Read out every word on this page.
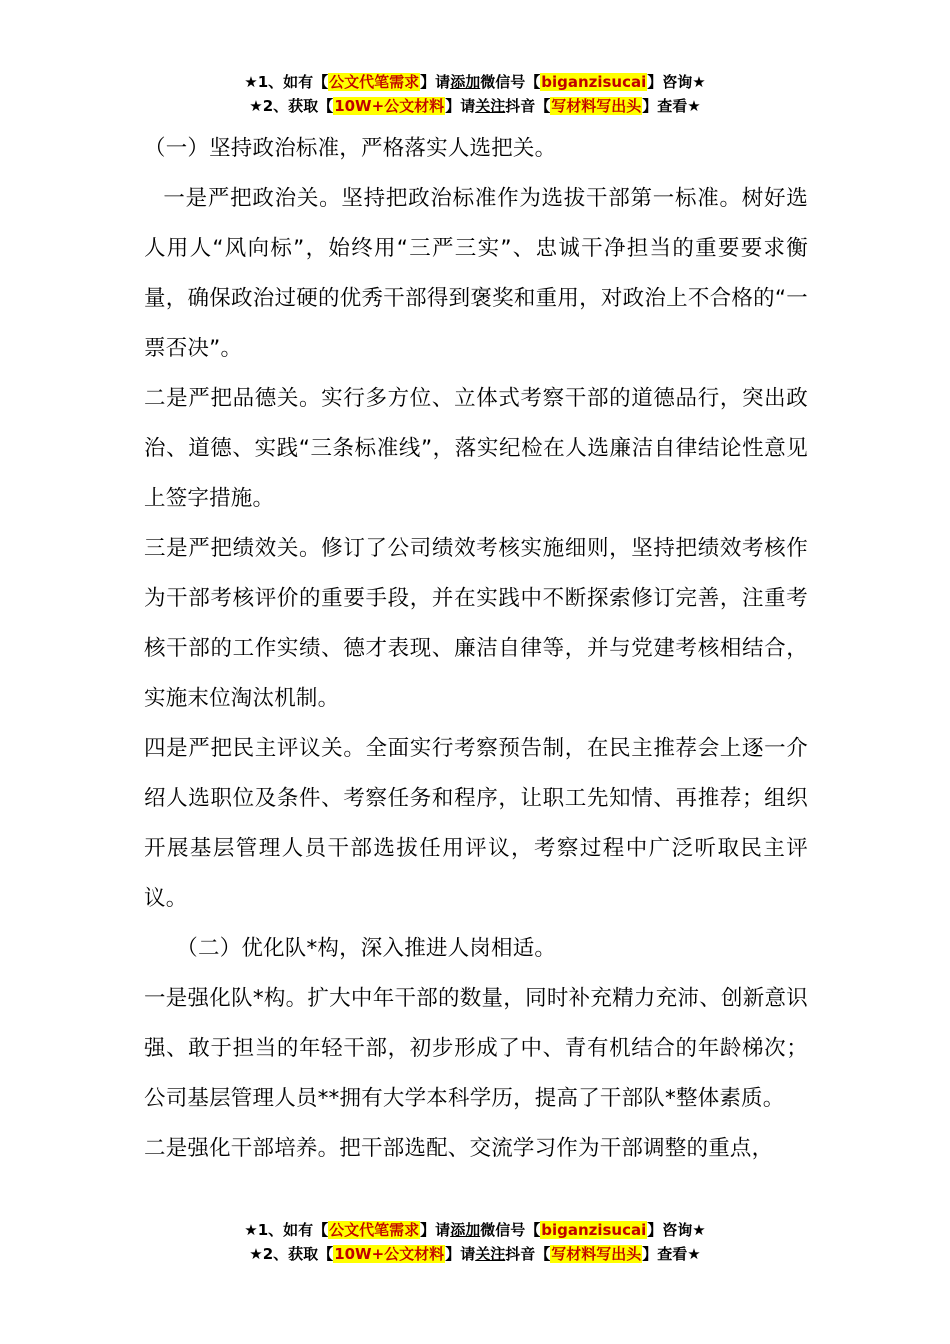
★1、如有【公文代笔需求】请添加微信号【biganzisucai】咨询★
★2、获取【10W+公文材料】请关注抖音【写材料写出头】查看★

（一）坚持政治标准，严格落实人选把关。

一是严把政治关。坚持把政治标准作为选拔干部第一标准。树好选人用人“风向标”，始终用“三严三实”、忠诚干净担当的重要要求衡量，确保政治过硬的优秀干部得到褒奖和重用，对政治上不合格的“一票否决”。

二是严把品德关。实行多方位、立体式考察干部的道德品行，突出政治、道德、实践“三条标准线”，落实纪检在人选廉洁自律结论性意见上签字措施。

三是严把绩效关。修订了公司绩效考核实施细则，坚持把绩效考核作为干部考核评价的重要手段，并在实践中不断探索修订完善，注重考核干部的工作实绩、德才表现、廉洁自律等，并与党建考核相结合，实施末位淘汰机制。

四是严把民主评议关。全面实行考察预告制，在民主推荐会上逐一介绍人选职位及条件、考察任务和程序，让职工先知情、再推荐；组织开展基层管理人员干部选拔任用评议，考察过程中广泛听取民主评议。

（二）优化队*构，深入推进人岗相适。

一是强化队*构。扩大中年干部的数量，同时补充精力充沛、创新意识强、敢于担当的年轻干部，初步形成了中、青有机结合的年龄梯次；公司基层管理人员**拥有大学本科学历，提高了干部队*整体素质。

二是强化干部培养。把干部选配、交流学习作为干部调整的重点，

★1、如有【公文代笔需求】请添加微信号【biganzisucai】咨询★
★2、获取【10W+公文材料】请关注抖音【写材料写出头】查看★
